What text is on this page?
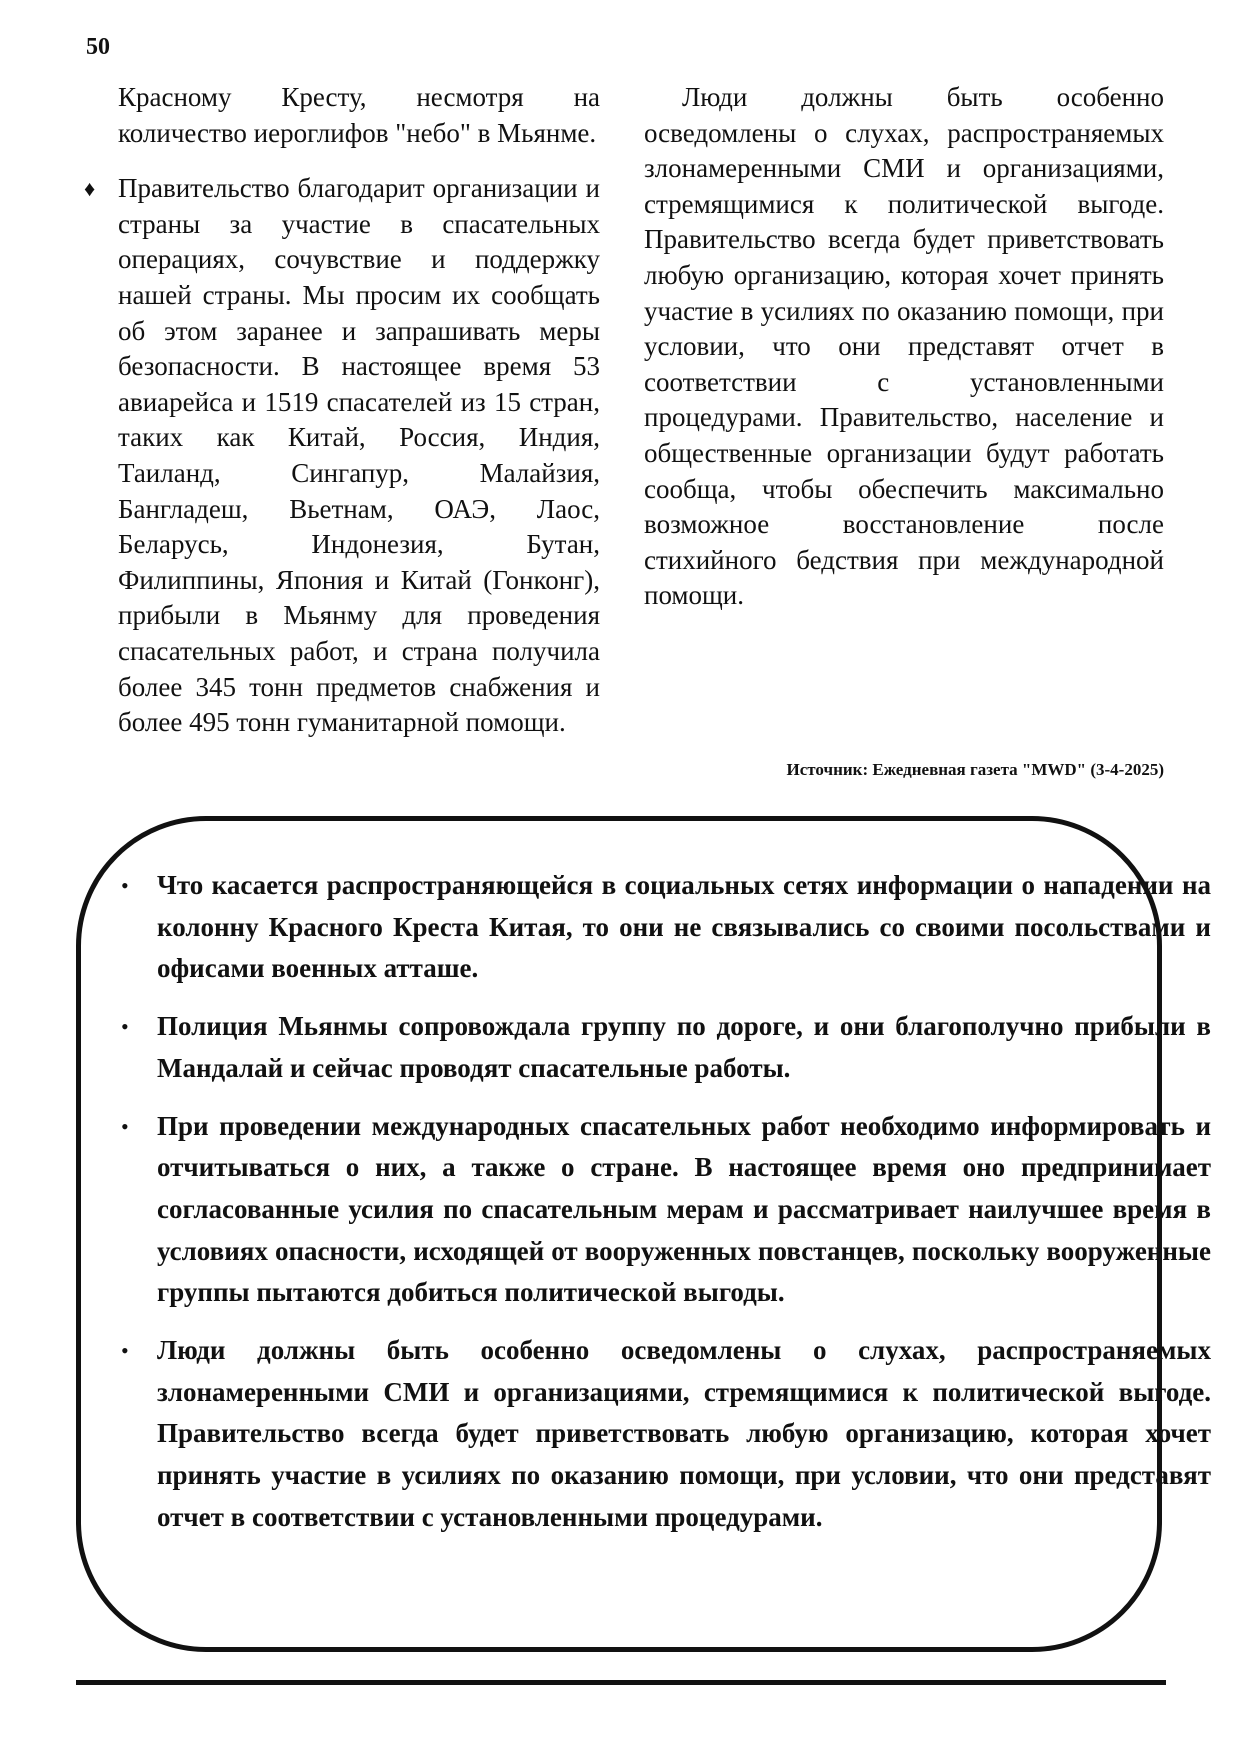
50

Красному Кресту, несмотря на количество иероглифов "небо" в Мьянме.

♦ Правительство благодарит организации и страны за участие в спасательных операциях, сочувствие и поддержку нашей страны. Мы просим их сообщать об этом заранее и запрашивать меры безопасности. В настоящее время 53 авиарейса и 1519 спасателей из 15 стран, таких как Китай, Россия, Индия, Таиланд, Сингапур, Малайзия, Бангладеш, Вьетнам, ОАЭ, Лаос, Беларусь, Индонезия, Бутан, Филиппины, Япония и Китай (Гонконг), прибыли в Мьянму для проведения спасательных работ, и страна получила более 345 тонн предметов снабжения и более 495 тонн гуманитарной помощи.

Люди должны быть особенно осведомлены о слухах, распространяемых злонамеренными СМИ и организациями, стремящимися к политической выгоде. Правительство всегда будет приветствовать любую организацию, которая хочет принять участие в усилиях по оказанию помощи, при условии, что они представят отчет в соответствии с установленными процедурами. Правительство, население и общественные организации будут работать сообща, чтобы обеспечить максимально возможное восстановление после стихийного бедствия при международной помощи.

Источник: Ежедневная газета "MWD" (3-4-2025)
• Что касается распространяющейся в социальных сетях информации о нападении на колонну Красного Креста Китая, то они не связывались со своими посольствами и офисами военных атташе.
• Полиция Мьянмы сопровождала группу по дороге, и они благополучно прибыли в Мандалай и сейчас проводят спасательные работы.
• При проведении международных спасательных работ необходимо информировать и отчитываться о них, а также о стране. В настоящее время оно предпринимает согласованные усилия по спасательным мерам и рассматривает наилучшее время в условиях опасности, исходящей от вооруженных повстанцев, поскольку вооруженные группы пытаются добиться политической выгоды.
• Люди должны быть особенно осведомлены о слухах, распространяемых злонамеренными СМИ и организациями, стремящимися к политической выгоде. Правительство всегда будет приветствовать любую организацию, которая хочет принять участие в усилиях по оказанию помощи, при условии, что они представят отчет в соответствии с установленными процедурами.
